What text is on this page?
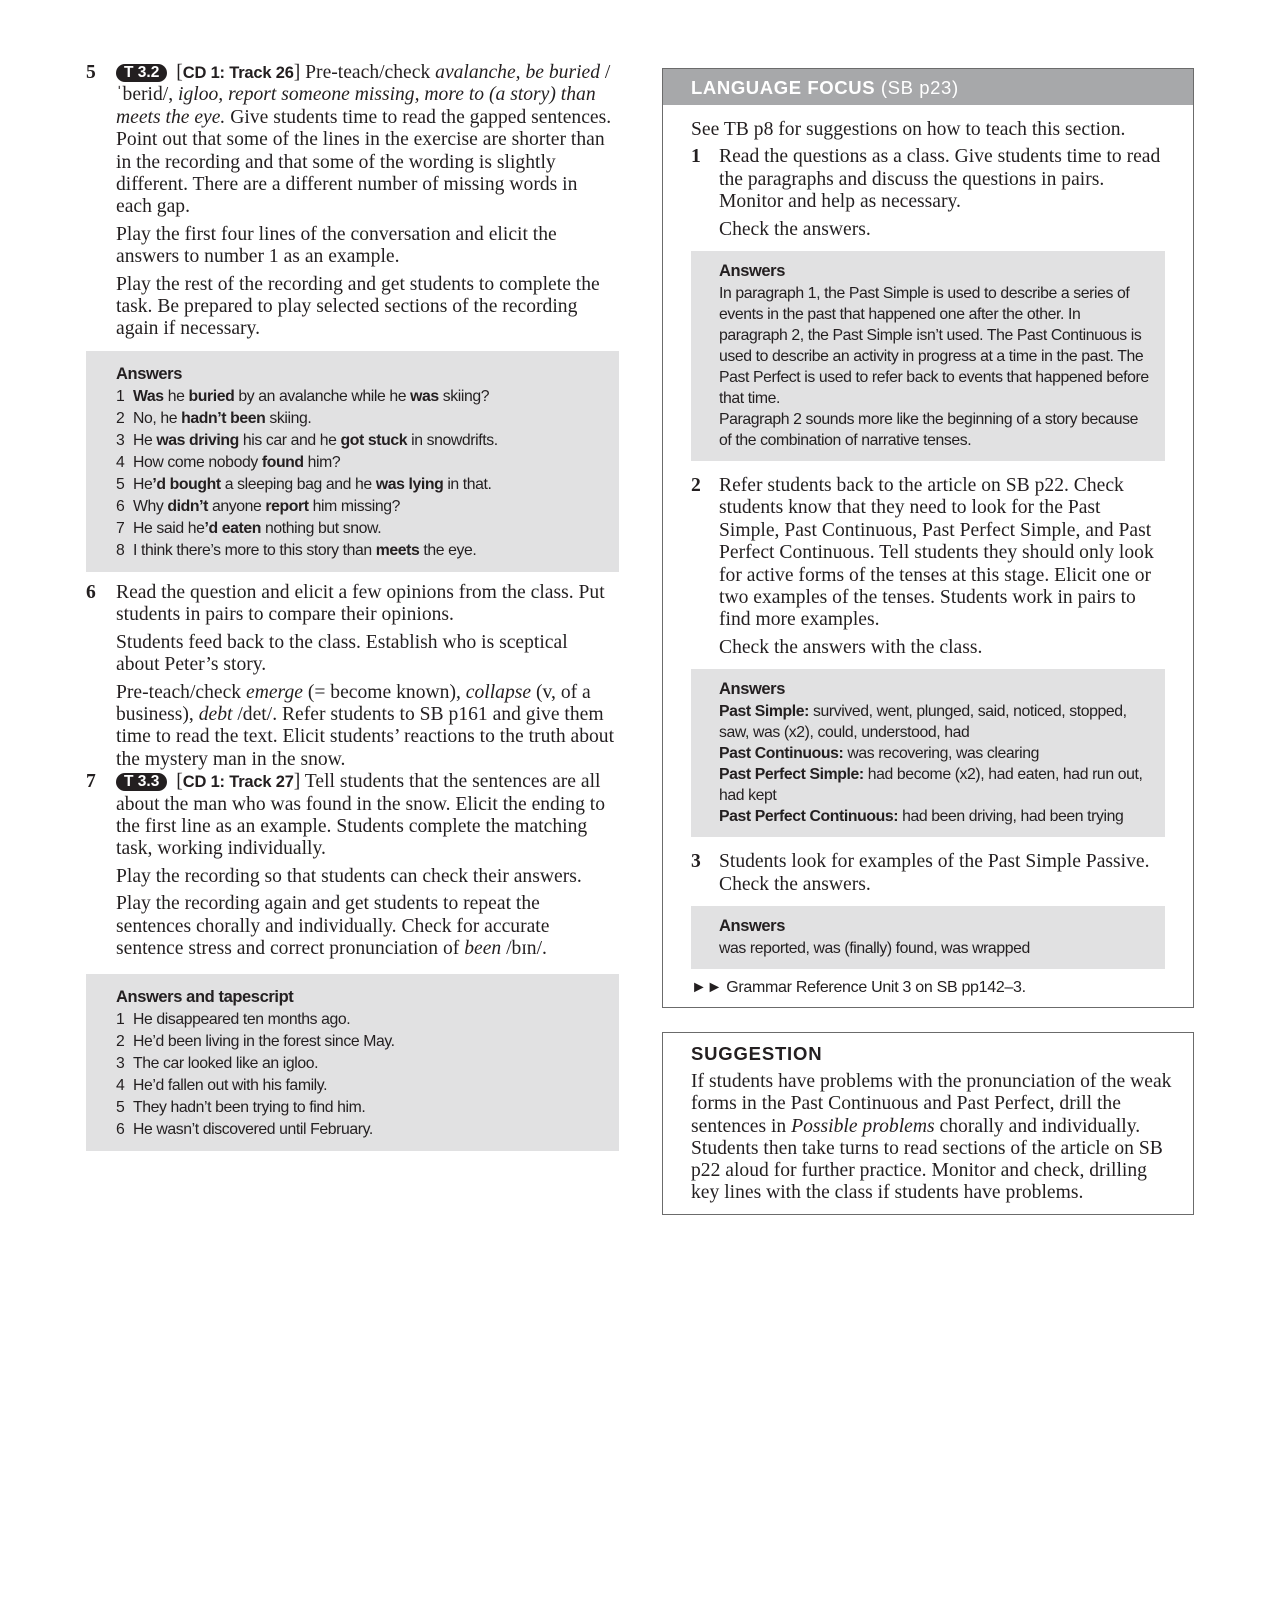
5	T 3.2 [CD 1: Track 26] Pre-teach/check avalanche, be buried /ˈberid/, igloo, report someone missing, more to (a story) than meets the eye. Give students time to read the gapped sentences. Point out that some of the lines in the exercise are shorter than in the recording and that some of the wording is slightly different. There are a different number of missing words in each gap.

Play the first four lines of the conversation and elicit the answers to number 1 as an example.

Play the rest of the recording and get students to complete the task. Be prepared to play selected sections of the recording again if necessary.

Answers
1 Was he buried by an avalanche while he was skiing?
2 No, he hadn’t been skiing.
3 He was driving his car and he got stuck in snowdrifts.
4 How come nobody found him?
5 He’d bought a sleeping bag and he was lying in that.
6 Why didn’t anyone report him missing?
7 He said he’d eaten nothing but snow.
8 I think there’s more to this story than meets the eye.
6 Read the question and elicit a few opinions from the class. Put students in pairs to compare their opinions.

Students feed back to the class. Establish who is sceptical about Peter’s story.

Pre-teach/check emerge (= become known), collapse (v, of a business), debt /det/. Refer students to SB p161 and give them time to read the text. Elicit students’ reactions to the truth about the mystery man in the snow.

7	T 3.3 [CD 1: Track 27] Tell students that the sentences are all about the man who was found in the snow. Elicit the ending to the first line as an example. Students complete the matching task, working individually.

Play the recording so that students can check their answers.

Play the recording again and get students to repeat the sentences chorally and individually. Check for accurate sentence stress and correct pronunciation of been /bɪn/.

Answers and tapescript
1 He disappeared ten months ago.
2 He’d been living in the forest since May.
3 The car looked like an igloo.
4 He’d fallen out with his family.
5 They hadn’t been trying to find him.
6 He wasn’t discovered until February.
LANGUAGE FOCUS (SB p23)

See TB p8 for suggestions on how to teach this section.

1 Read the questions as a class. Give students time to read the paragraphs and discuss the questions in pairs. Monitor and help as necessary.

Check the answers.

Answers

In paragraph 1, the Past Simple is used to describe a series of events in the past that happened one after the other. In paragraph 2, the Past Simple isn’t used. The Past Continuous is used to describe an activity in progress at a time in the past. The Past Perfect is used to refer back to events that happened before that time.

Paragraph 2 sounds more like the beginning of a story because of the combination of narrative tenses.

2 Refer students back to the article on SB p22. Check students know that they need to look for the Past Simple, Past Continuous, Past Perfect Simple, and Past Perfect Continuous. Tell students they should only look for active forms of the tenses at this stage. Elicit one or two examples of the tenses. Students work in pairs to find more examples.

Check the answers with the class.

Answers

Past Simple: survived, went, plunged, said, noticed, stopped, saw, was (x2), could, understood, had

Past Continuous: was recovering, was clearing

Past Perfect Simple: had become (x2), had eaten, had run out, had kept

Past Perfect Continuous: had been driving, had been trying

3 Students look for examples of the Past Simple Passive. Check the answers.

Answers

was reported, was (finally) found, was wrapped

►► Grammar Reference Unit 3 on SB pp142–3.

SUGGESTION

If students have problems with the pronunciation of the weak forms in the Past Continuous and Past Perfect, drill the sentences in Possible problems chorally and individually. Students then take turns to read sections of the article on SB p22 aloud for further practice. Monitor and check, drilling key lines with the class if students have problems.
